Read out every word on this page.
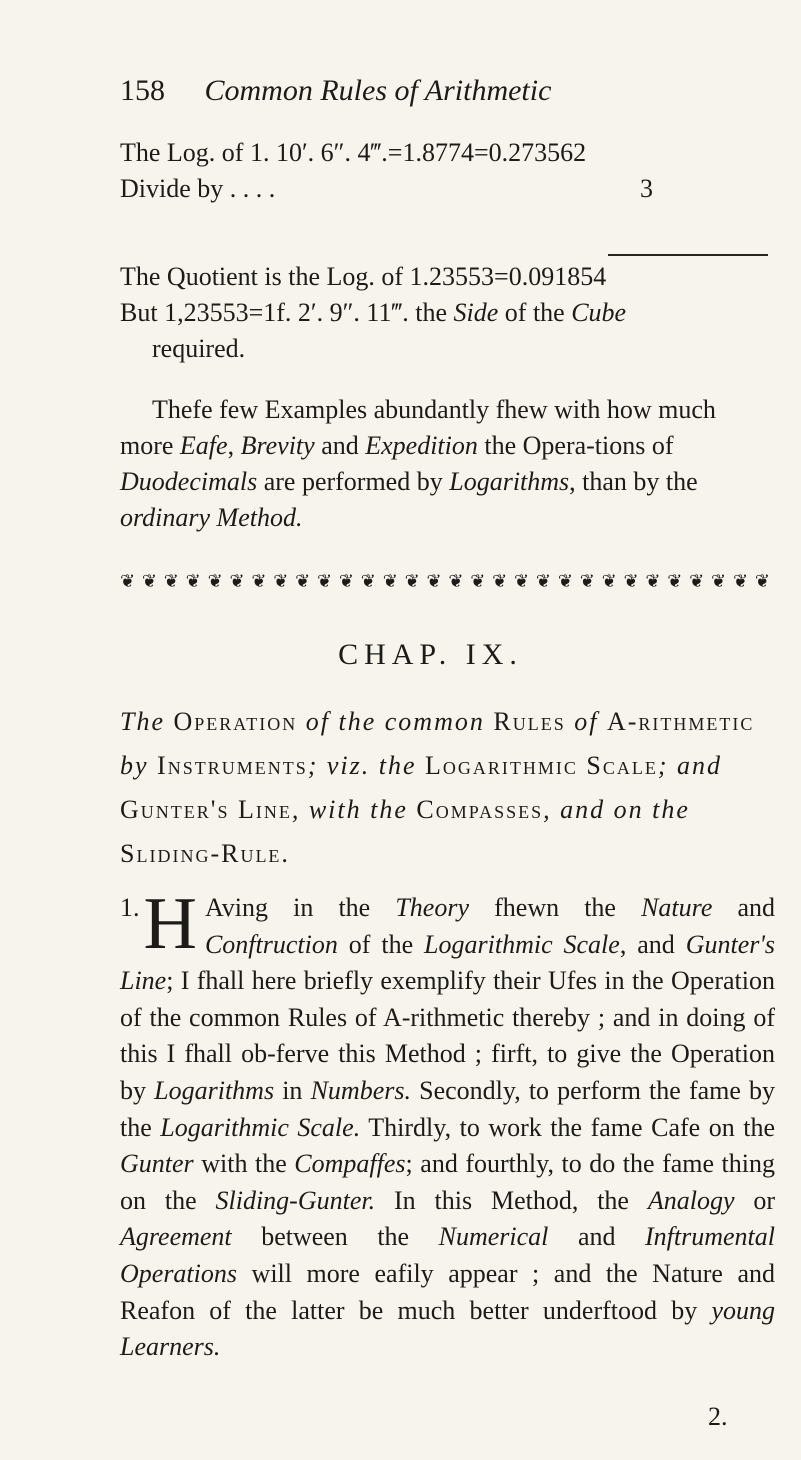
158 Common Rules of Arithmetic
The Log. of 1. 10′. 6″. 4‴.=1.8774=0.273562
Divide by . . . .	3
The Quotient is the Log. of 1.23553=0.091854
But 1,23553=1f. 2′. 9″. 11‴. the Side of the Cube
required.
Thefe few Examples abundantly fhew with how much more Eafe, Brevity and Expedition the Opera-tions of Duodecimals are performed by Logarithms, than by the ordinary Method.
❦ ❦ ❦ ❦ ❦ ❦ ❦ ❦ ❦ ❦ ❦ ❦ ❦ ❦ ❦ ❦ ❦ ❦ ❦ ❦ ❦ ❦ ❦ ❦ ❦ ❦ ❦ ❦ ❦ ❦
CHAP. IX.
The Operation of the common Rules of A-rithmetic by Instruments; viz. the Logarithmic Scale; and Gunter's Line, with the Compasses, and on the Sliding-Rule.
1. H Aving in the Theory fhewn the Nature and Conftruction of the Logarithmic Scale, and Gunter's Line; I fhall here briefly exemplify their Ufes in the Operation of the common Rules of A-rithmetic thereby ; and in doing of this I fhall ob-ferve this Method ; firft, to give the Operation by Logarithms in Numbers. Secondly, to perform the fame by the Logarithmic Scale. Thirdly, to work the fame Cafe on the Gunter with the Compaffes; and fourthly, to do the fame thing on the Sliding-Gunter. In this Method, the Analogy or Agreement between the Numerical and Inftrumental Operations will more eafily appear ; and the Nature and Reafon of the latter be much better underftood by young Learners.
2.
